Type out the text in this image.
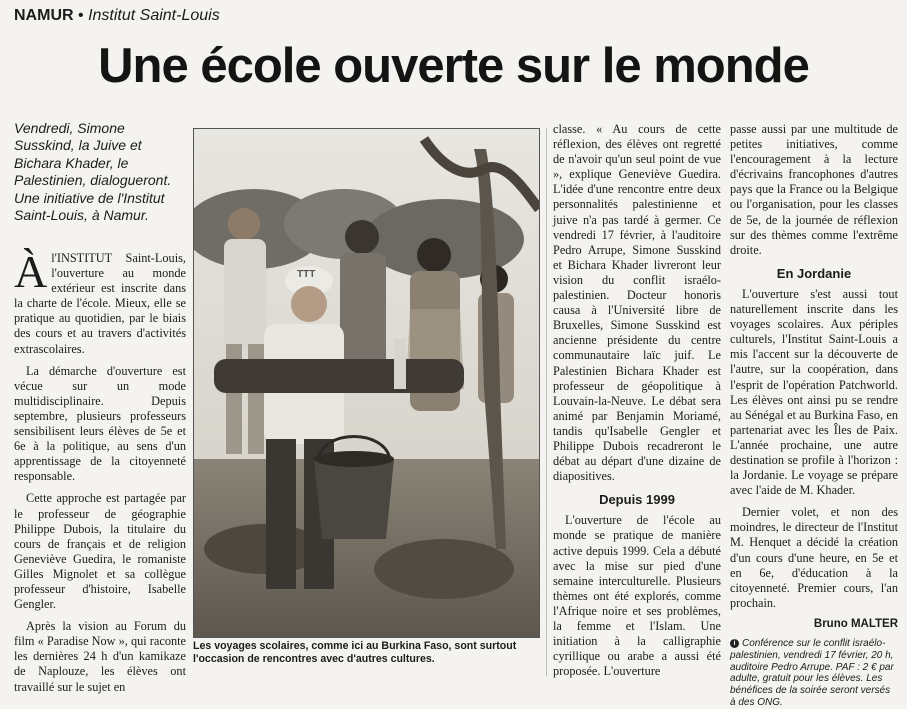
NAMUR • Institut Saint-Louis
Une école ouverte sur le monde

Vendredi, Simone Susskind, la Juive et Bichara Khader, le Palestinien, dialogueront. Une initiative de l'Institut Saint-Louis, à Namur.

Àl'INSTITUT Saint-Louis, l'ouverture au monde extérieur est inscrite dans la charte de l'école. Mieux, elle se pratique au quotidien, par le biais des cours et au travers d'activités extrascolaires.

La démarche d'ouverture est vécue sur un mode multidisciplinaire. Depuis septembre, plusieurs professeurs sensibilisent leurs élèves de 5e et 6e à la politique, au sens d'un apprentissage de la citoyenneté responsable.

Cette approche est partagée par le professeur de géographie Philippe Dubois, la titulaire du cours de français et de religion Geneviève Guedira, le romaniste Gilles Mignolet et sa collègue professeur d'histoire, Isabelle Gengler.

Après la vision au Forum du film « Paradise Now », qui raconte les dernières 24 h d'un kamikaze de Naplouze, les élèves ont travaillé sur le sujet en

TTT
Les voyages scolaires, comme ici au Burkina Faso, sont surtout l'occasion de rencontres avec d'autres cultures.

classe. « Au cours de cette réflexion, des élèves ont regretté de n'avoir qu'un seul point de vue », explique Geneviève Guedira. L'idée d'une rencontre entre deux personnalités palestinienne et juive n'a pas tardé à germer. Ce vendredi 17 février, à l'auditoire Pedro Arrupe, Simone Susskind et Bichara Khader livreront leur vision du conflit israélo-palestinien. Docteur honoris causa à l'Université libre de Bruxelles, Simone Susskind est ancienne présidente du centre communautaire laïc juif. Le Palestinien Bichara Khader est professeur de géopolitique à Louvain-la-Neuve. Le débat sera animé par Benjamin Moriamé, tandis qu'Isabelle Gengler et Philippe Dubois recadreront le débat au départ d'une dizaine de diapositives.

Depuis 1999

L'ouverture de l'école au monde se pratique de manière active depuis 1999. Cela a débuté avec la mise sur pied d'une semaine interculturelle. Plusieurs thèmes ont été explorés, comme l'Afrique noire et ses problèmes, la femme et l'Islam. Une initiation à la calligraphie cyrillique ou arabe a aussi été proposée. L'ouverture

passe aussi par une multitude de petites initiatives, comme l'encouragement à la lecture d'écrivains francophones d'autres pays que la France ou la Belgique ou l'organisation, pour les classes de 5e, de la journée de réflexion sur des thèmes comme l'extrême droite.

En Jordanie

L'ouverture s'est aussi tout naturellement inscrite dans les voyages scolaires. Aux périples culturels, l'Institut Saint-Louis a mis l'accent sur la découverte de l'autre, sur la coopération, dans l'esprit de l'opération Patchworld. Les élèves ont ainsi pu se rendre au Sénégal et au Burkina Faso, en partenariat avec les Îles de Paix. L'année prochaine, une autre destination se profile à l'horizon : la Jordanie. Le voyage se prépare avec l'aide de M. Khader.

Dernier volet, et non des moindres, le directeur de l'Institut M. Henquet a décidé la création d'un cours d'une heure, en 5e et en 6e, d'éducation à la citoyenneté. Premier cours, l'an prochain.

Bruno MALTER
i Conférence sur le conflit israélo-palestinien, vendredi 17 février, 20 h, auditoire Pedro Arrupe. PAF : 2 € par adulte, gratuit pour les élèves. Les bénéfices de la soirée seront versés à des ONG.
